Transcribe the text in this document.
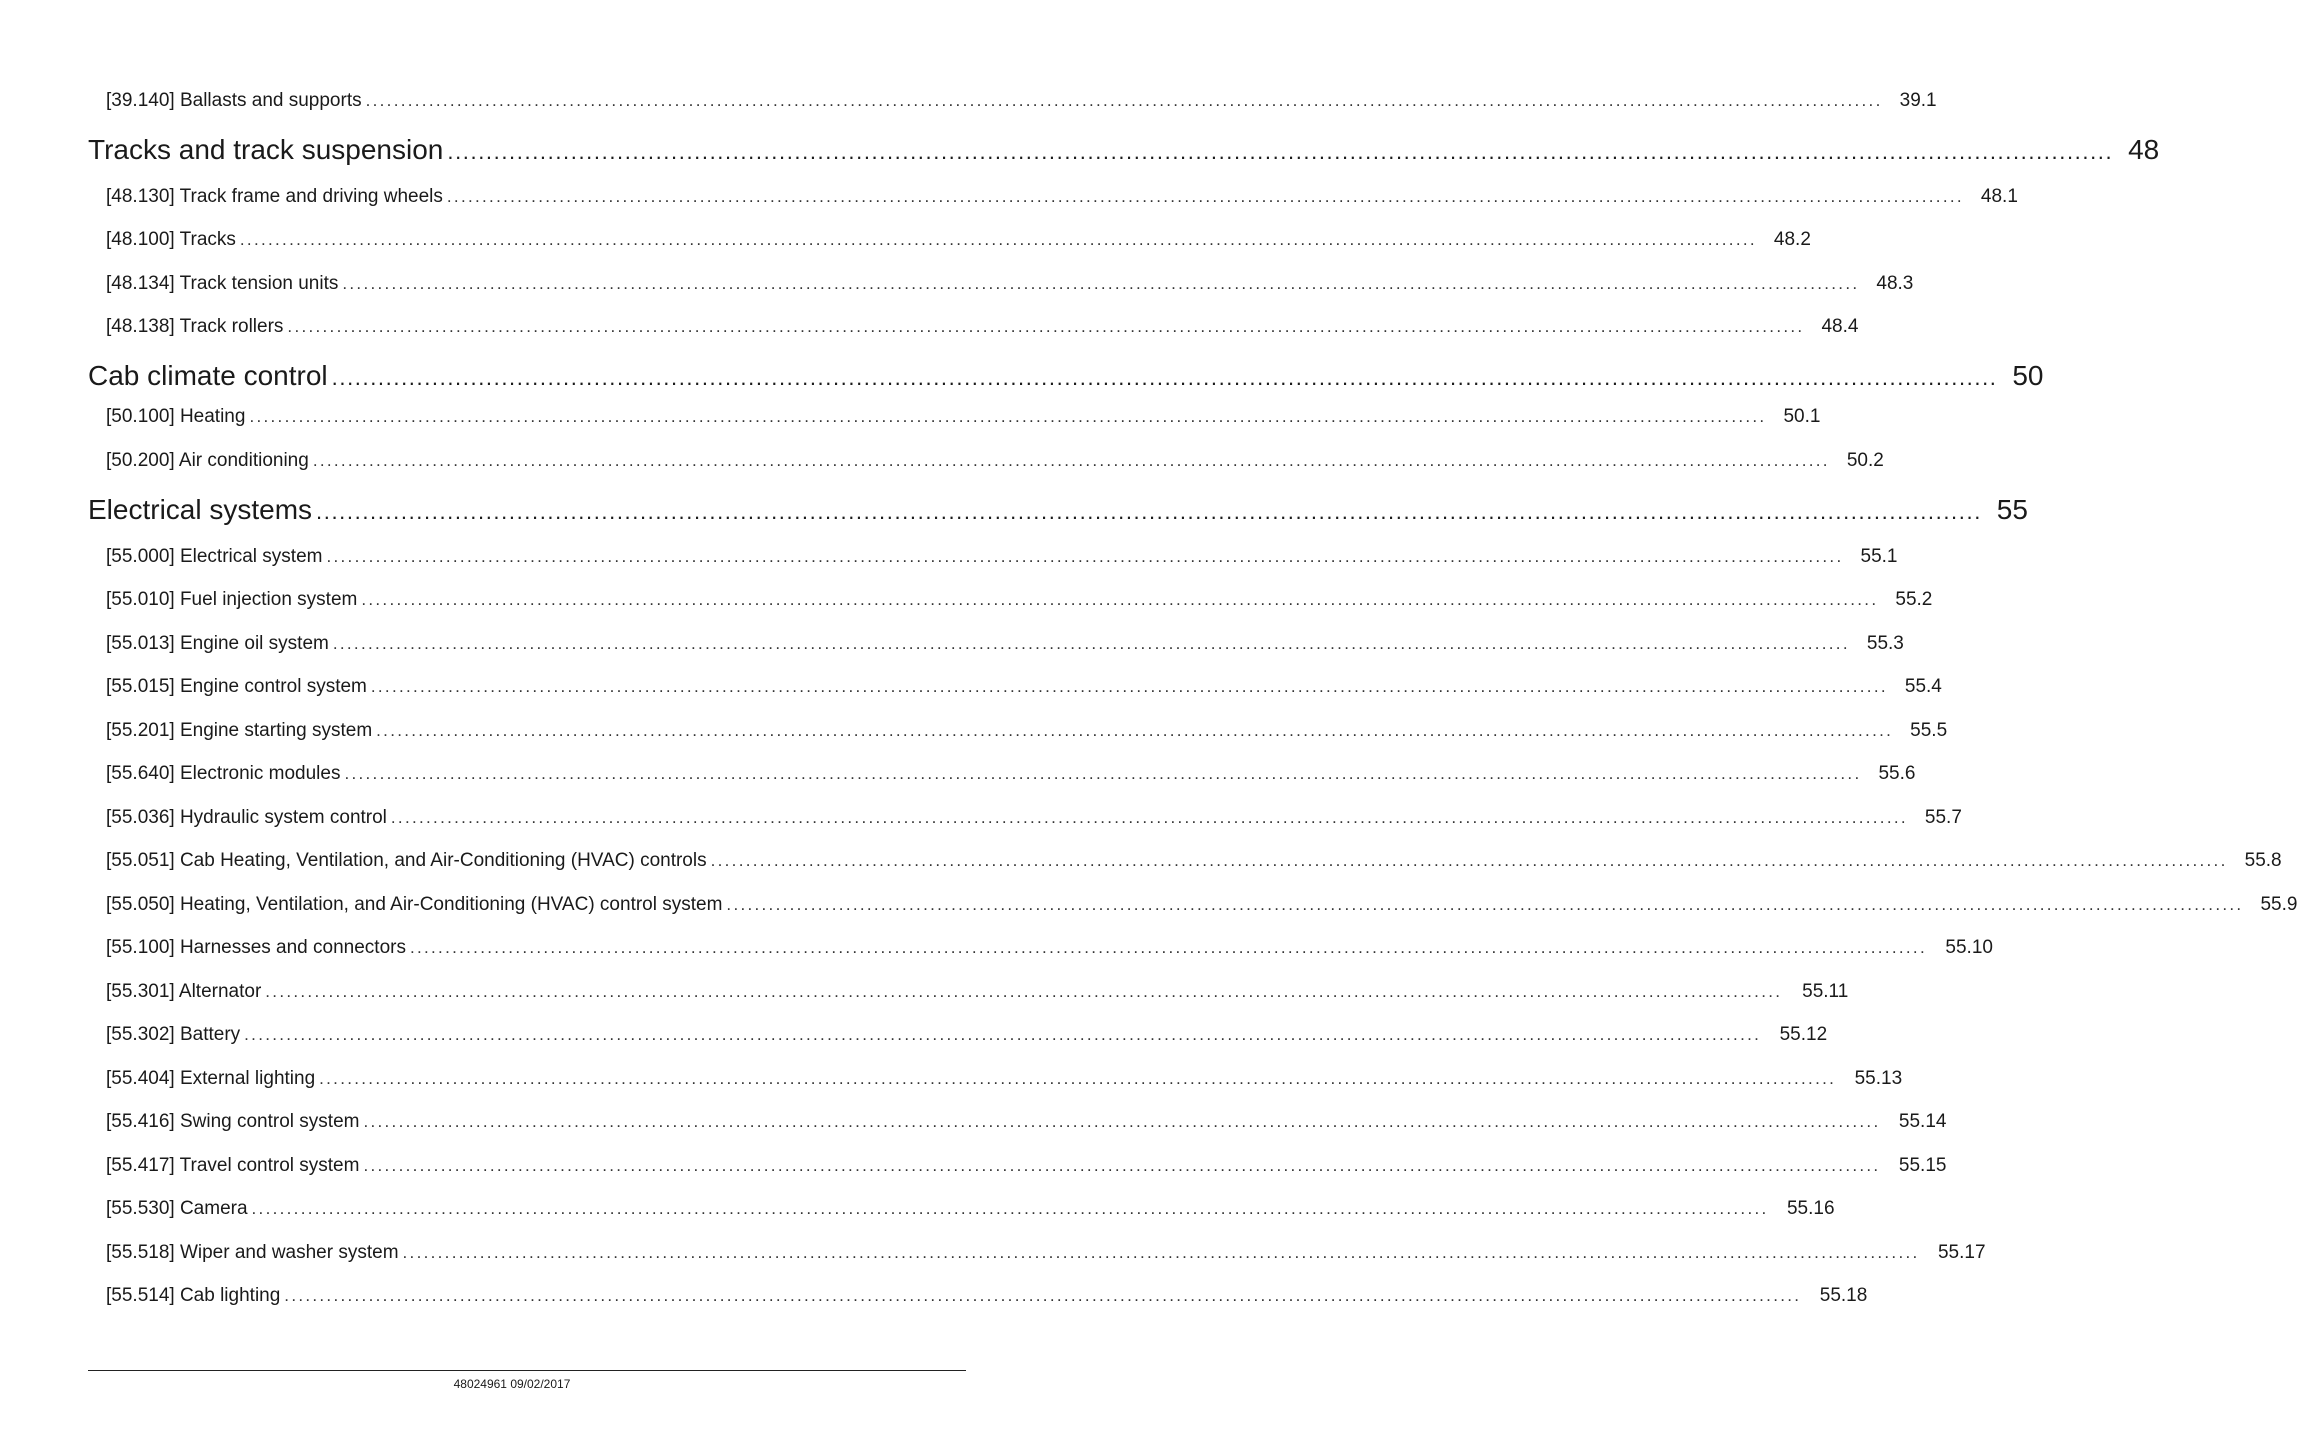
[39.140] Ballasts and supports ........................................................................................................................................................................................................................ 39.1
Tracks and track suspension ........................................................................................................................................................................................................................ 48
[48.130] Track frame and driving wheels ........................................................................................................................................................................................................................ 48.1
[48.100] Tracks ........................................................................................................................................................................................................................ 48.2
[48.134] Track tension units ........................................................................................................................................................................................................................ 48.3
[48.138] Track rollers ........................................................................................................................................................................................................................ 48.4
Cab climate control ........................................................................................................................................................................................................................ 50
[50.100] Heating ........................................................................................................................................................................................................................ 50.1
[50.200] Air conditioning ........................................................................................................................................................................................................................ 50.2
Electrical systems ........................................................................................................................................................................................................................ 55
[55.000] Electrical system ........................................................................................................................................................................................................................ 55.1
[55.010] Fuel injection system ........................................................................................................................................................................................................................ 55.2
[55.013] Engine oil system ........................................................................................................................................................................................................................ 55.3
[55.015] Engine control system ........................................................................................................................................................................................................................ 55.4
[55.201] Engine starting system ........................................................................................................................................................................................................................ 55.5
[55.640] Electronic modules ........................................................................................................................................................................................................................ 55.6
[55.036] Hydraulic system control ........................................................................................................................................................................................................................ 55.7
[55.051] Cab Heating, Ventilation, and Air-Conditioning (HVAC) controls ........................................................................................................................................................................................................................ 55.8
[55.050] Heating, Ventilation, and Air-Conditioning (HVAC) control system ........................................................................................................................................................................................................................ 55.9
[55.100] Harnesses and connectors ........................................................................................................................................................................................................................ 55.10
[55.301] Alternator ........................................................................................................................................................................................................................	55.11
[55.302] Battery ........................................................................................................................................................................................................................ 55.12
[55.404] External lighting ........................................................................................................................................................................................................................ 55.13
[55.416] Swing control system ........................................................................................................................................................................................................................ 55.14
[55.417] Travel control system ........................................................................................................................................................................................................................ 55.15
[55.530] Camera ........................................................................................................................................................................................................................ 55.16
[55.518] Wiper and washer system ........................................................................................................................................................................................................................ 55.17
[55.514] Cab lighting ........................................................................................................................................................................................................................ 55.18
48024961 09/02/2017
